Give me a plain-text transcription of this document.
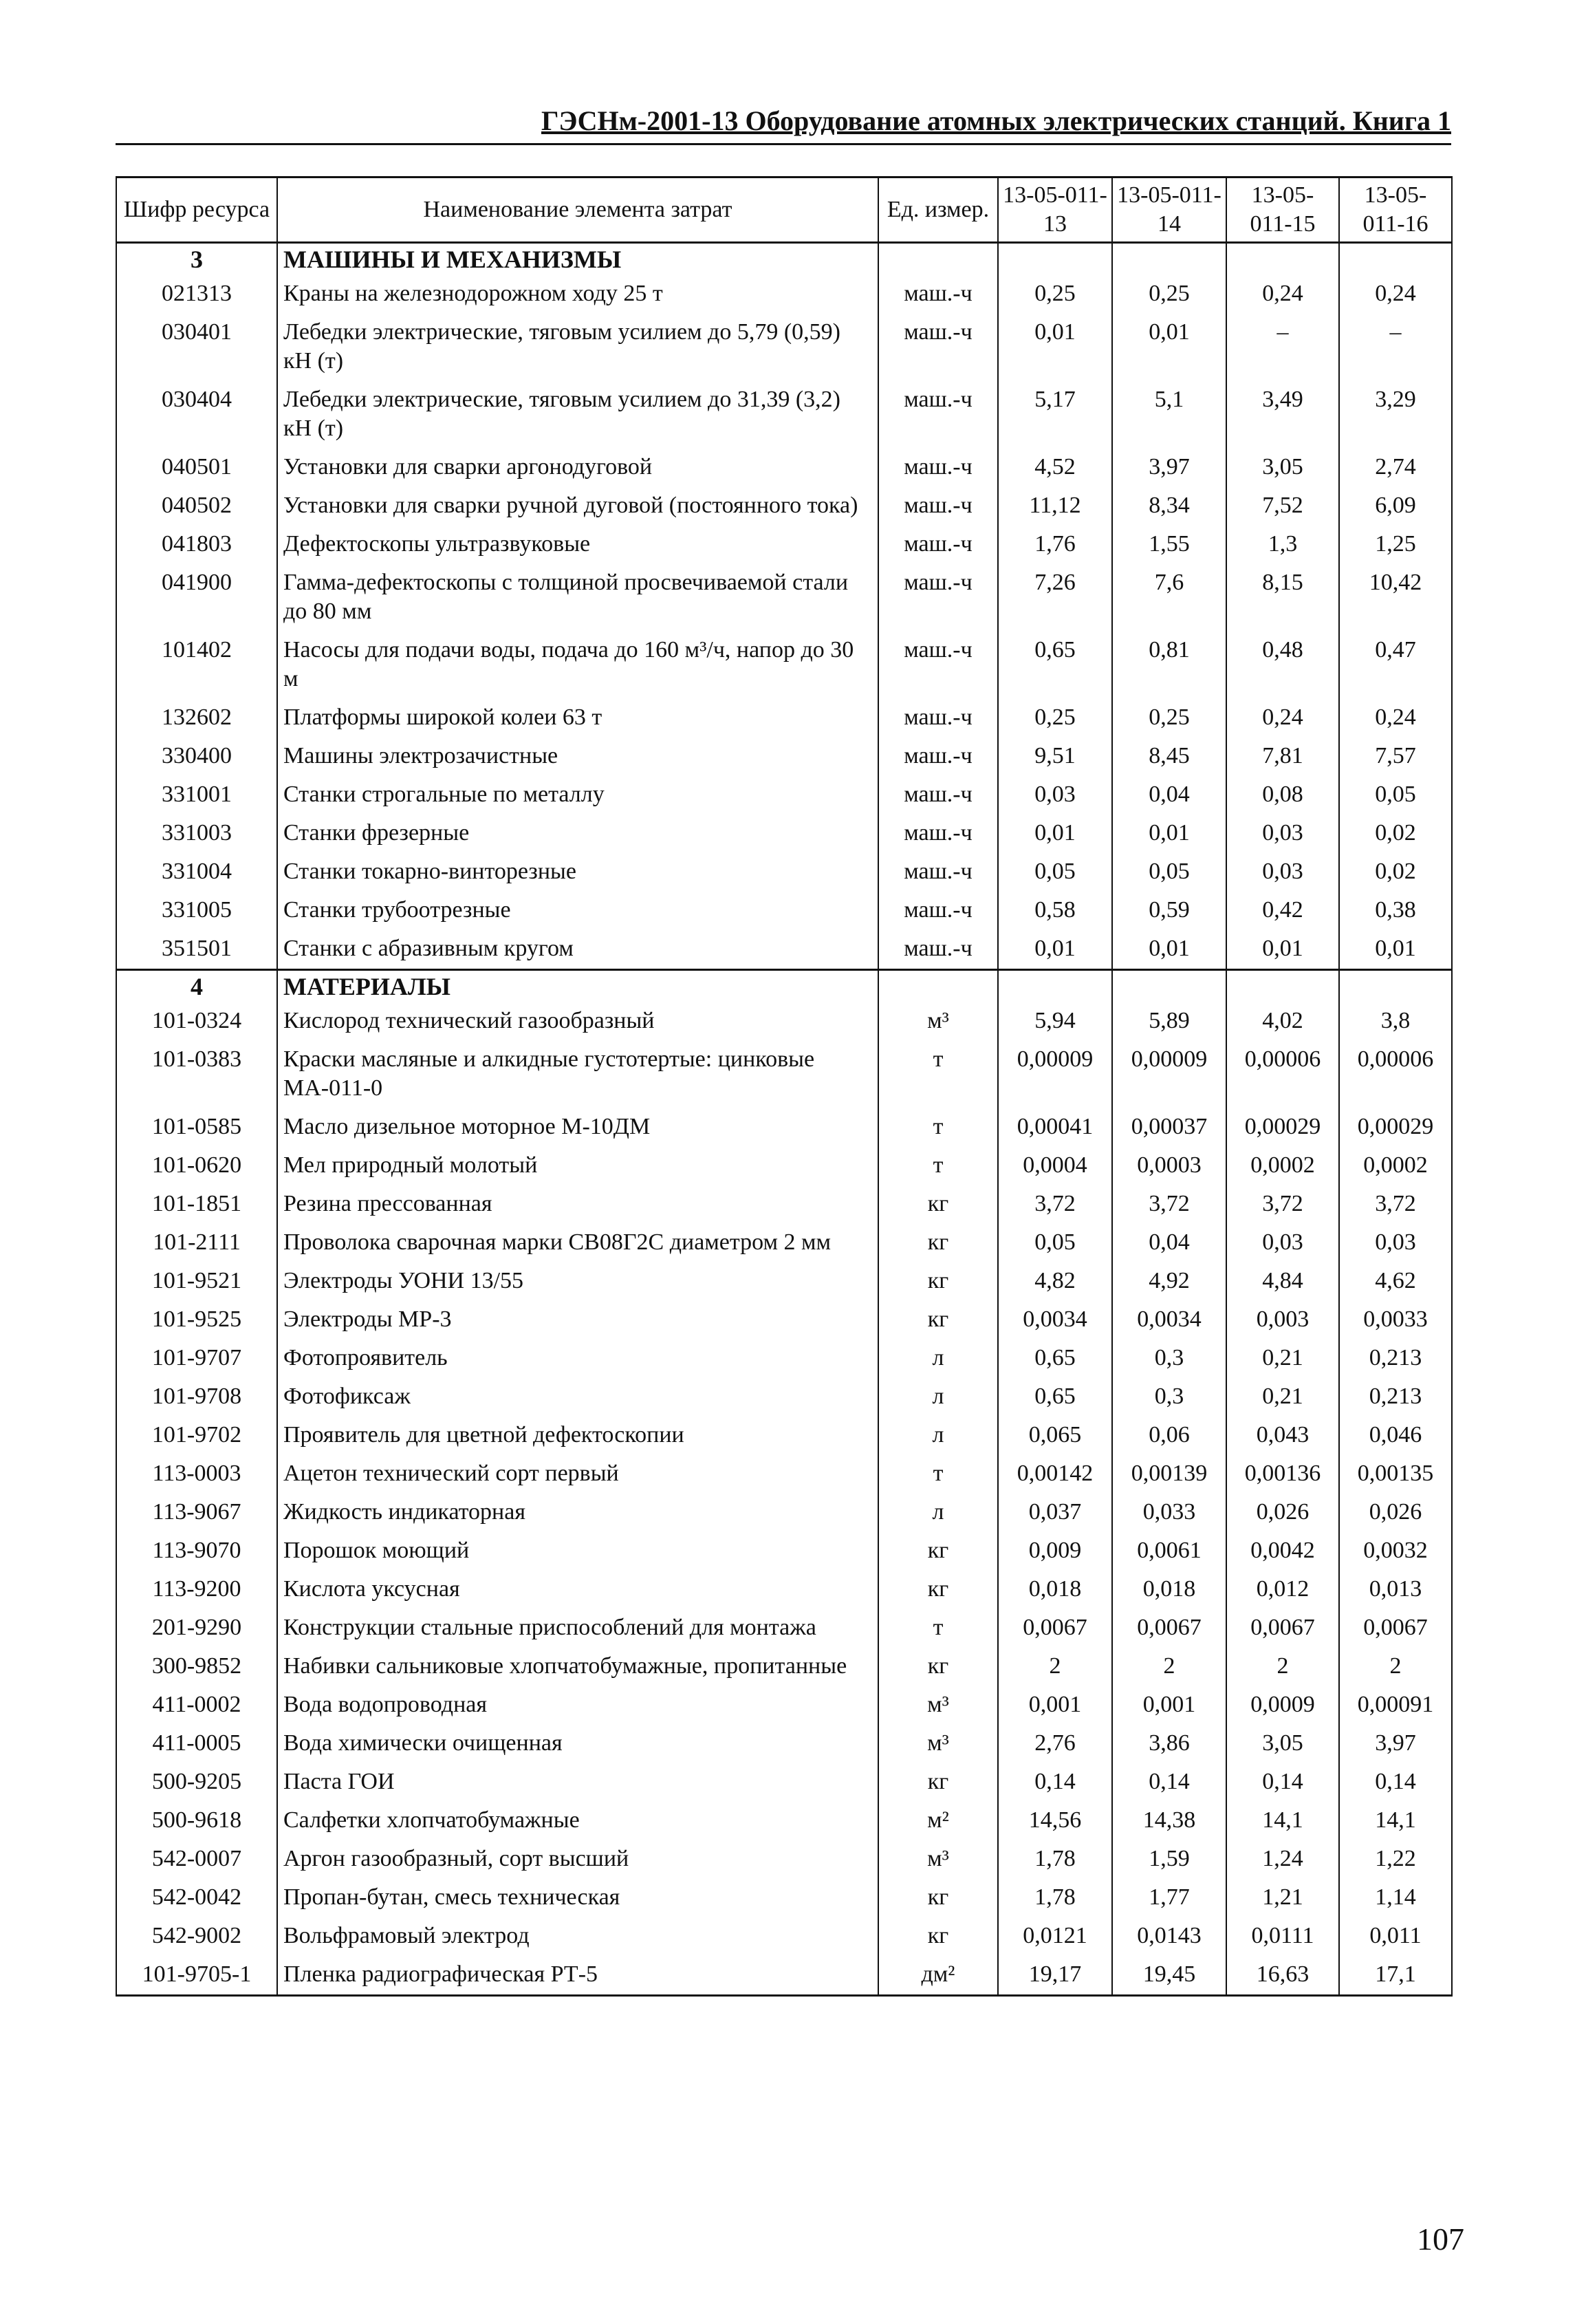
ГЭСНм-2001-13 Оборудование атомных электрических станций. Книга 1
Шифр ресурса	Наименование элемента затрат	Ед. измер.	13-05-011-13	13-05-011-14	13-05-011-15	13-05-011-16
3	МАШИНЫ И МЕХАНИЗМЫ					
021313	Краны на железнодорожном ходу 25 т	маш.-ч	0,25	0,25	0,24	0,24
030401	Лебедки электрические, тяговым усилием до 5,79 (0,59) кН (т)	маш.-ч	0,01	0,01	–	–
030404	Лебедки электрические, тяговым усилием до 31,39 (3,2) кН (т)	маш.-ч	5,17	5,1	3,49	3,29
040501	Установки для сварки аргонодуговой	маш.-ч	4,52	3,97	3,05	2,74
040502	Установки для сварки ручной дуговой (постоянного тока)	маш.-ч	11,12	8,34	7,52	6,09
041803	Дефектоскопы ультразвуковые	маш.-ч	1,76	1,55	1,3	1,25
041900	Гамма-дефектоскопы с толщиной просвечиваемой стали до 80 мм	маш.-ч	7,26	7,6	8,15	10,42
101402	Насосы для подачи воды, подача до 160 м³/ч, напор до 30 м	маш.-ч	0,65	0,81	0,48	0,47
132602	Платформы широкой колеи 63 т	маш.-ч	0,25	0,25	0,24	0,24
330400	Машины электрозачистные	маш.-ч	9,51	8,45	7,81	7,57
331001	Станки строгальные по металлу	маш.-ч	0,03	0,04	0,08	0,05
331003	Станки фрезерные	маш.-ч	0,01	0,01	0,03	0,02
331004	Станки токарно-винторезные	маш.-ч	0,05	0,05	0,03	0,02
331005	Станки трубоотрезные	маш.-ч	0,58	0,59	0,42	0,38
351501	Станки с абразивным кругом	маш.-ч	0,01	0,01	0,01	0,01
4	МАТЕРИАЛЫ					
101-0324	Кислород технический газообразный	м³	5,94	5,89	4,02	3,8
101-0383	Краски масляные и алкидные густотертые: цинковые МА-011-0	т	0,00009	0,00009	0,00006	0,00006
101-0585	Масло дизельное моторное М-10ДМ	т	0,00041	0,00037	0,00029	0,00029
101-0620	Мел природный молотый	т	0,0004	0,0003	0,0002	0,0002
101-1851	Резина прессованная	кг	3,72	3,72	3,72	3,72
101-2111	Проволока сварочная марки СВ08Г2С диаметром 2 мм	кг	0,05	0,04	0,03	0,03
101-9521	Электроды УОНИ 13/55	кг	4,82	4,92	4,84	4,62
101-9525	Электроды МР-3	кг	0,0034	0,0034	0,003	0,0033
101-9707	Фотопроявитель	л	0,65	0,3	0,21	0,213
101-9708	Фотофиксаж	л	0,65	0,3	0,21	0,213
101-9702	Проявитель для цветной дефектоскопии	л	0,065	0,06	0,043	0,046
113-0003	Ацетон технический сорт первый	т	0,00142	0,00139	0,00136	0,00135
113-9067	Жидкость индикаторная	л	0,037	0,033	0,026	0,026
113-9070	Порошок моющий	кг	0,009	0,0061	0,0042	0,0032
113-9200	Кислота уксусная	кг	0,018	0,018	0,012	0,013
201-9290	Конструкции стальные приспособлений для монтажа	т	0,0067	0,0067	0,0067	0,0067
300-9852	Набивки сальниковые хлопчатобумажные, пропитанные	кг	2	2	2	2
411-0002	Вода водопроводная	м³	0,001	0,001	0,0009	0,00091
411-0005	Вода химически очищенная	м³	2,76	3,86	3,05	3,97
500-9205	Паста ГОИ	кг	0,14	0,14	0,14	0,14
500-9618	Салфетки хлопчатобумажные	м²	14,56	14,38	14,1	14,1
542-0007	Аргон газообразный, сорт высший	м³	1,78	1,59	1,24	1,22
542-0042	Пропан-бутан, смесь техническая	кг	1,78	1,77	1,21	1,14
542-9002	Вольфрамовый электрод	кг	0,0121	0,0143	0,0111	0,011
101-9705-1	Пленка радиографическая РТ-5	дм²	19,17	19,45	16,63	17,1
107
